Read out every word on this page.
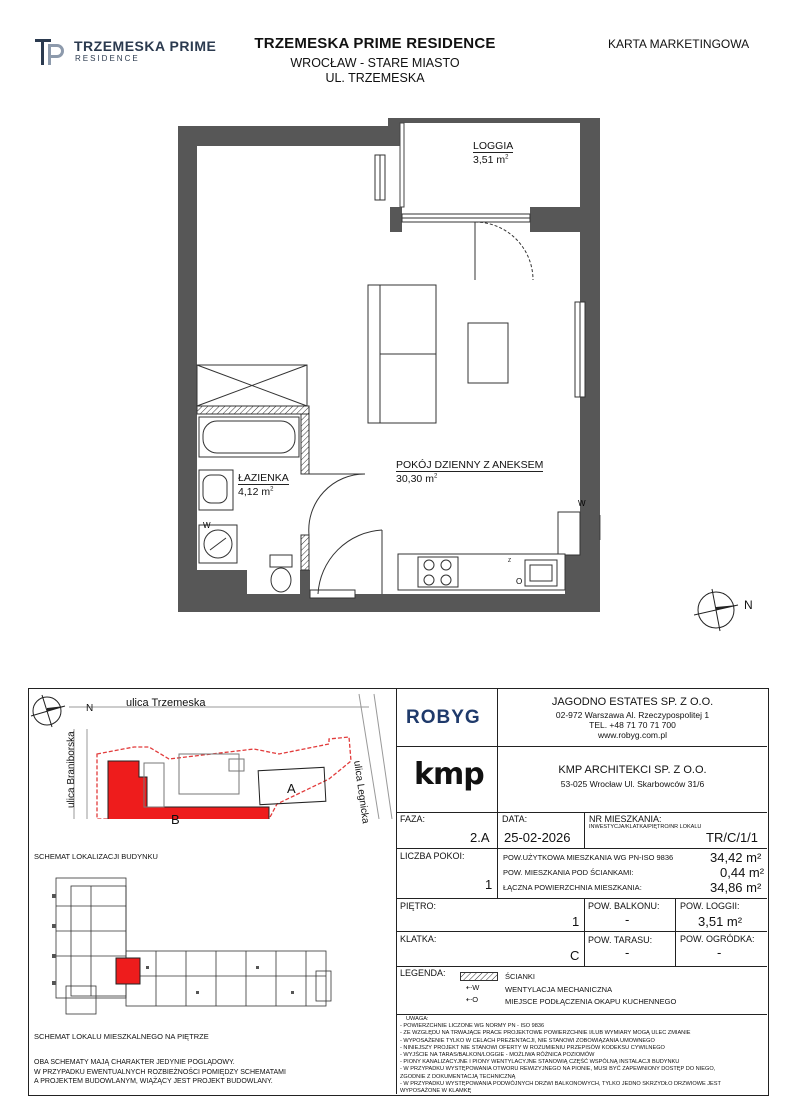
TRZEMESKA PRIME
RESIDENCE
TRZEMESKA PRIME RESIDENCE
WROCŁAW - STARE MIASTO
UL. TRZEMESKA
KARTA MARKETINGOWA
W
W
O
Z
LOGGIA
3,51 $m^2$
ŁAZIENKA
4,12 $m^2$
POKÓJ DZIENNY Z ANEKSEM
30,30 $m^2$
N
ulica Trzemeska
ulica Braniborska	ulica Legnicka
A
B
N
SCHEMAT LOKALIZACJI BUDYNKU
SCHEMAT LOKALU MIESZKALNEGO NA PIĘTRZE
OBA SCHEMATY MAJĄ CHARAKTER JEDYNIE POGLĄDOWY.
W PRZYPADKU EWENTUALNYCH ROZBIEŻNOŚCI POMIĘDZY SCHEMATAMI
A PROJEKTEM BUDOWLANYM, WIĄŻĄCY JEST PROJEKT BUDOWLANY.
ROBYG
JAGODNO ESTATES SP. Z O.O.
02-972 Warszawa Al. Rzeczypospolitej 1
TEL. +48 71 70 71 700
www.robyg.com.pl
kmp	KMP ARCHITEKCI SP. Z O.O.
53-025 Wrocław Ul. Skarbowców 31/6
FAZA:
2.A
DATA:
25-02-2026
NR MIESZKANIA:
INWESTYCJA/KLATKA/PIĘTRO/NR LOKALU
TR/C/1/1
LICZBA POKOI:
1
POW.UŻYTKOWA MIESZKANIA WG PN-ISO 9836	34,42 m²
POW. MIESZKANIA POD ŚCIANKAMI:	0,44 m²
ŁĄCZNA POWIERZCHNIA MIESZKANIA:	34,86 m²
PIĘTRO:
1
POW. BALKONU:
-
POW. LOGGII:
3,51 m²
KLATKA:
C
POW. TARASU:
-
POW. OGRÓDKA:
-
LEGENDA:	ŚCIANKI
⇠W	WENTYLACJA MECHANICZNA
⇠O	MIEJSCE PODŁĄCZENIA OKAPU KUCHENNEGO
UWAGA:
- POWIERZCHNIE LICZONE WG NORMY PN - ISO 9836
- ZE WZGLĘDU NA TRWAJĄCE PRACE PROJEKTOWE POWIERZCHNIE I/LUB WYMIARY MOGĄ ULEC ZMIANIE
- WYPOSAŻENIE TYLKO W CELACH PREZENTACJI, NIE STANOWI ZOBOWIĄZANIA UMOWNEGO
- NINIEJSZY PROJEKT NIE STANOWI OFERTY W ROZUMIENIU PRZEPISÓW KODEKSU CYWILNEGO
- WYJŚCIE NA TARAS/BALKON/LOGGIE - MOŻLIWA RÓŻNICA POZIOMÓW
- PIONY KANALIZACYJNE I PIONY WENTYLACYJNE STANOWIĄ CZĘŚĆ WSPÓLNĄ INSTALACJI BUDYNKU
- W PRZYPADKU WYSTĘPOWANIA OTWORU REWIZYJNEGO NA PIONIE, MUSI BYĆ ZAPEWNIONY DOSTĘP DO NIEGO,
ZGODNIE Z DOKUMENTACJĄ TECHNICZNĄ
- W PRZYPADKU WYSTĘPOWANIA PODWÓJNYCH DRZWI BALKONOWYCH, TYLKO JEDNO SKRZYDŁO DRZWIOWE JEST
WYPOSAŻONE W KLAMKĘ
